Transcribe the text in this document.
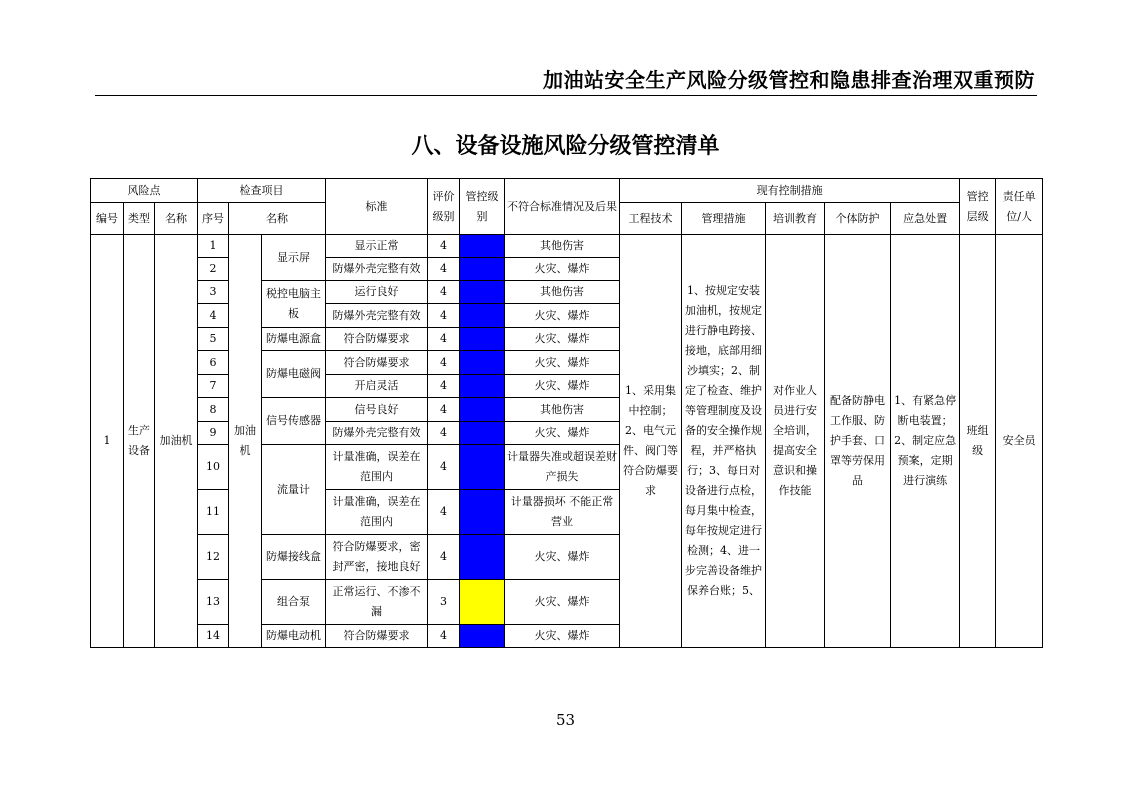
加油站安全生产风险分级管控和隐患排查治理双重预防
八、设备设施风险分级管控清单
风险点			检查项目			标准	评价级别	管控级别	不符合标准情况及后果	现有控制措施					管控层级	责任单位/人
编号	类型	名称	序号	名称						工程技术	管理措施	培训教育	个体防护	应急处置		
1	生产设备	加油机	1	加油机	显示屏	显示正常	4		其他伤害	1、采用集中控制；2、电气元件、阀门等符合防爆要求	1、按规定安装加油机，按规定进行静电跨接、接地，底部用细沙填实；2、制定了检查、维护等管理制度及设备的安全操作规程，并严格执行；3、每日对设备进行点检，每月集中检查，每年按规定进行检测；4、进一步完善设备维护保养台账；5、	对作业人员进行安全培训，提高安全意识和操作技能	配备防静电工作服、防护手套、口罩等劳保用品	1、有紧急停断电装置；2、制定应急预案，定期进行演练	班组级	安全员
			2			防爆外壳完整有效	4		火灾、爆炸							
			3		税控电脑主板	运行良好	4		其他伤害							
			4			防爆外壳完整有效	4		火灾、爆炸							
			5		防爆电源盒	符合防爆要求	4		火灾、爆炸							
			6		防爆电磁阀	符合防爆要求	4		火灾、爆炸							
			7			开启灵活	4		火灾、爆炸							
			8		信号传感器	信号良好	4		其他伤害							
			9			防爆外壳完整有效	4		火灾、爆炸							
			10		流量计	计量准确，误差在范围内	4		计量器失准或超误差财产损失							
			11			计量准确，误差在范围内	4		计量器损坏 不能正常营业							
			12		防爆接线盒	符合防爆要求，密封严密，接地良好	4		火灾、爆炸							
			13		组合泵	正常运行、不渗不漏	3		火灾、爆炸							
			14		防爆电动机	符合防爆要求	4		火灾、爆炸							
53
